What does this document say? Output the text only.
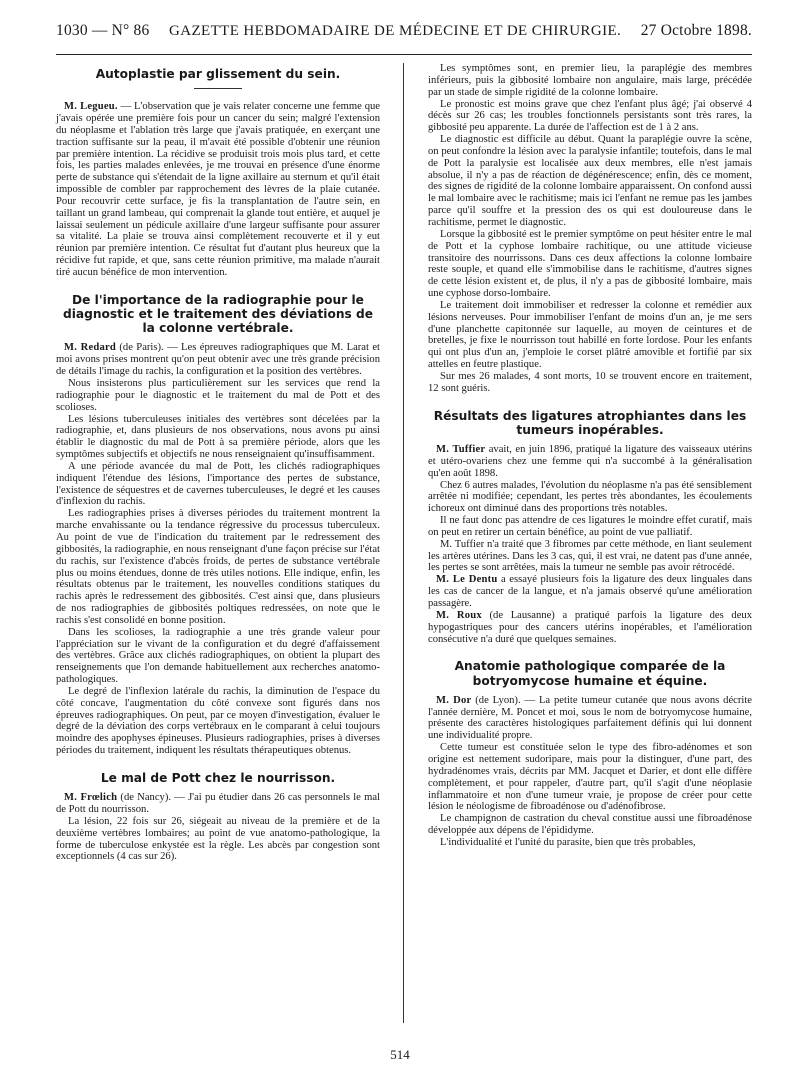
1030 — N° 86 GAZETTE HEBDOMADAIRE DE MÉDECINE ET DE CHIRURGIE. 27 Octobre 1898.
Autoplastie par glissement du sein.

M. Legueu. — L'observation que je vais relater concerne une femme que j'avais opérée une première fois pour un cancer du sein; malgré l'extension du néoplasme et l'ablation très large que j'avais pratiquée, en exerçant une traction suffisante sur la peau, il m'avait été possible d'obtenir une réunion par première intention. La récidive se produisit trois mois plus tard, et cette fois, les parties malades enlevées, je me trouvai en présence d'une énorme perte de substance qui s'étendait de la ligne axillaire au sternum et qu'il était impossible de combler par rapprochement des lèvres de la plaie cutanée. Pour recouvrir cette surface, je fis la transplantation de l'autre sein, en taillant un grand lambeau, qui comprenait la glande tout entière, et auquel je laissai seulement un pédicule axillaire d'une largeur suffisante pour assurer sa vitalité. La plaie se trouva ainsi complètement recouverte et il y eut réunion par première intention. Ce résultat fut d'autant plus heureux que la récidive fut rapide, et que, sans cette réunion primitive, ma malade n'aurait tiré aucun bénéfice de mon intervention.

De l'importance de la radiographie pour le diagnostic et le traitement des déviations de la colonne vertébrale.

M. Redard (de Paris). — Les épreuves radiographiques que M. Larat et moi avons prises montrent qu'on peut obtenir avec une très grande précision de détails l'image du rachis, la configuration et la position des vertèbres.

Nous insisterons plus particulièrement sur les services que rend la radiographie pour le diagnostic et le traitement du mal de Pott et des scolioses.

Les lésions tuberculeuses initiales des vertèbres sont décelées par la radiographie, et, dans plusieurs de nos observations, nous avons pu ainsi établir le diagnostic du mal de Pott à sa première période, alors que les symptômes subjectifs et objectifs ne nous renseignaient qu'insuffisamment.

A une période avancée du mal de Pott, les clichés radiographiques indiquent l'étendue des lésions, l'importance des pertes de substance, l'existence de séquestres et de cavernes tuberculeuses, le degré et les causes d'inflexion du rachis.

Les radiographies prises à diverses périodes du traitement montrent la marche envahissante ou la tendance régressive du processus tuberculeux. Au point de vue de l'indication du traitement par le redressement des gibbosités, la radiographie, en nous renseignant d'une façon précise sur l'état du rachis, sur l'existence d'abcès froids, de pertes de substance vertébrale plus ou moins étendues, donne de très utiles notions. Elle indique, enfin, les résultats obtenus par le traitement, les nouvelles conditions statiques du rachis après le redressement des gibbosités. C'est ainsi que, dans plusieurs de nos radiographies de gibbosités poltiques redressées, on note que le rachis s'est consolidé en bonne position.

Dans les scolioses, la radiographie a une très grande valeur pour l'appréciation sur le vivant de la configuration et du degré d'affaissement des vertèbres. Grâce aux clichés radiographiques, on obtient la plupart des renseignements que l'on demande habituellement aux recherches anatomo-pathologiques.

Le degré de l'inflexion latérale du rachis, la diminution de l'espace du côté concave, l'augmentation du côté convexe sont figurés dans nos épreuves radiographiques. On peut, par ce moyen d'investigation, évaluer le degré de la déviation des corps vertébraux en le comparant à celui toujours moindre des apophyses épineuses. Plusieurs radiographies, prises à diverses périodes du traitement, indiquent les résultats thérapeutiques obtenus.

Le mal de Pott chez le nourrisson.

M. Frœlich (de Nancy). — J'ai pu étudier dans 26 cas personnels le mal de Pott du nourrisson.

La lésion, 22 fois sur 26, siégeait au niveau de la première et de la deuxième vertèbres lombaires; au point de vue anatomo-pathologique, la forme de tuberculose enkystée est la règle. Les abcès par congestion sont exceptionnels (4 cas sur 26).

Les symptômes sont, en premier lieu, la paraplégie des membres inférieurs, puis la gibbosité lombaire non angulaire, mais large, précédée par un stade de simple rigidité de la colonne lombaire.

Le pronostic est moins grave que chez l'enfant plus âgé; j'ai observé 4 décès sur 26 cas; les troubles fonctionnels persistants sont très rares, la gibbosité peu apparente. La durée de l'affection est de 1 à 2 ans.

Le diagnostic est difficile au début. Quant la paraplégie ouvre la scène, on peut confondre la lésion avec la paralysie infantile; toutefois, dans le mal de Pott la paralysie est localisée aux deux membres, elle n'est jamais absolue, il n'y a pas de réaction de dégénérescence; enfin, dès ce moment, des signes de rigidité de la colonne lombaire apparaissent. On confond aussi le mal lombaire avec le rachitisme; mais ici l'enfant ne remue pas les jambes parce qu'il souffre et la pression des os qui est douloureuse dans le rachitisme, permet le diagnostic.

Lorsque la gibbosité est le premier symptôme on peut hésiter entre le mal de Pott et la cyphose lombaire rachitique, ou une attitude vicieuse transitoire des nourrissons. Dans ces deux affections la colonne lombaire reste souple, et quand elle s'immobilise dans le rachitisme, d'autres signes de cette lésion existent et, de plus, il n'y a pas de gibbosité lombaire, mais une cyphose dorso-lombaire.

Le traitement doit immobiliser et redresser la colonne et remédier aux lésions nerveuses. Pour immobiliser l'enfant de moins d'un an, je me sers d'une planchette capitonnée sur laquelle, au moyen de ceintures et de bretelles, je fixe le nourrisson tout habillé en forte lordose. Pour les enfants qui ont plus d'un an, j'emploie le corset plâtré amovible et fortifié par six attelles en feutre plastique.

Sur mes 26 malades, 4 sont morts, 10 se trouvent encore en traitement, 12 sont guéris.

Résultats des ligatures atrophiantes dans les tumeurs inopérables.

M. Tuffier avait, en juin 1896, pratiqué la ligature des vaisseaux utérins et utéro-ovariens chez une femme qui n'a succombé à la généralisation qu'en août 1898.

Chez 6 autres malades, l'évolution du néoplasme n'a pas été sensiblement arrêtée ni modifiée; cependant, les pertes très abondantes, les écoulements ichoreux ont diminué dans des proportions très notables.

Il ne faut donc pas attendre de ces ligatures le moindre effet curatif, mais on peut en retirer un certain bénéfice, au point de vue palliatif.

M. Tuffier n'a traité que 3 fibromes par cette méthode, en liant seulement les artères utérines. Dans les 3 cas, qui, il est vrai, ne datent pas d'une année, les pertes se sont arrêtées, mais la tumeur ne semble pas avoir rétrocédé.

M. Le Dentu a essayé plusieurs fois la ligature des deux linguales dans les cas de cancer de la langue, et n'a jamais observé qu'une amélioration passagère.

M. Roux (de Lausanne) a pratiqué parfois la ligature des deux hypogastriques pour des cancers utérins inopérables, et l'amélioration consécutive n'a duré que quelques semaines.

Anatomie pathologique comparée de la botryomycose humaine et équine.

M. Dor (de Lyon). — La petite tumeur cutanée que nous avons décrite l'année dernière, M. Poncet et moi, sous le nom de botryomycose humaine, présente des caractères histologiques parfaitement définis qui lui donnent une individualité propre.

Cette tumeur est constituée selon le type des fibro-adénomes et son origine est nettement sudoripare, mais pour la distinguer, d'une part, des hydradénomes vrais, décrits par MM. Jacquet et Darier, et dont elle diffère complètement, et pour rappeler, d'autre part, qu'il s'agit d'une néoplasie inflammatoire et non d'une tumeur vraie, je propose de créer pour cette lésion le néologisme de fibroadénose ou d'adénofibrose.

Le champignon de castration du cheval constitue aussi une fibroadénose développée aux dépens de l'épididyme.

L'individualité et l'unité du parasite, bien que très probables,

514
